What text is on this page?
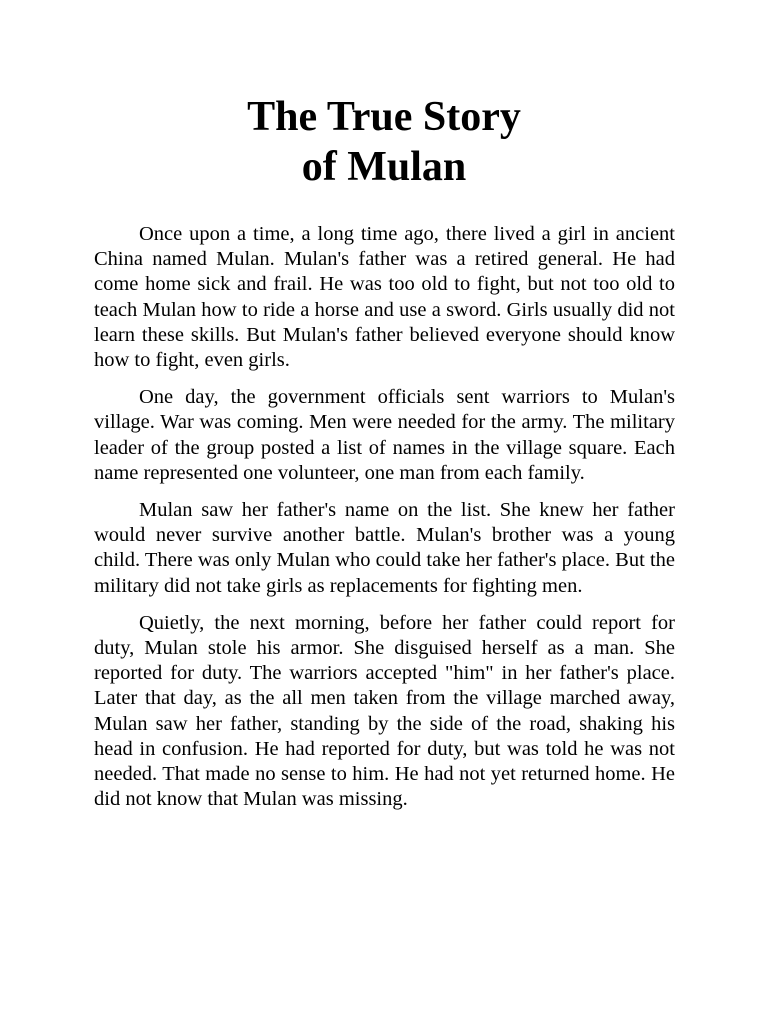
The True Story
of Mulan

Once upon a time, a long time ago, there lived a girl in ancient China named Mulan. Mulan's father was a retired general. He had come home sick and frail. He was too old to fight, but not too old to teach Mulan how to ride a horse and use a sword. Girls usually did not learn these skills. But Mulan's father believed everyone should know how to fight, even girls.

One day, the government officials sent warriors to Mulan's village. War was coming. Men were needed for the army. The military leader of the group posted a list of names in the village square. Each name represented one volunteer, one man from each family.

Mulan saw her father's name on the list. She knew her father would never survive another battle. Mulan's brother was a young child. There was only Mulan who could take her father's place. But the military did not take girls as replacements for fighting men.

Quietly, the next morning, before her father could report for duty, Mulan stole his armor. She disguised herself as a man. She reported for duty. The warriors accepted "him" in her father's place. Later that day, as the all men taken from the village marched away, Mulan saw her father, standing by the side of the road, shaking his head in confusion. He had reported for duty, but was told he was not needed. That made no sense to him. He had not yet returned home. He did not know that Mulan was missing.
